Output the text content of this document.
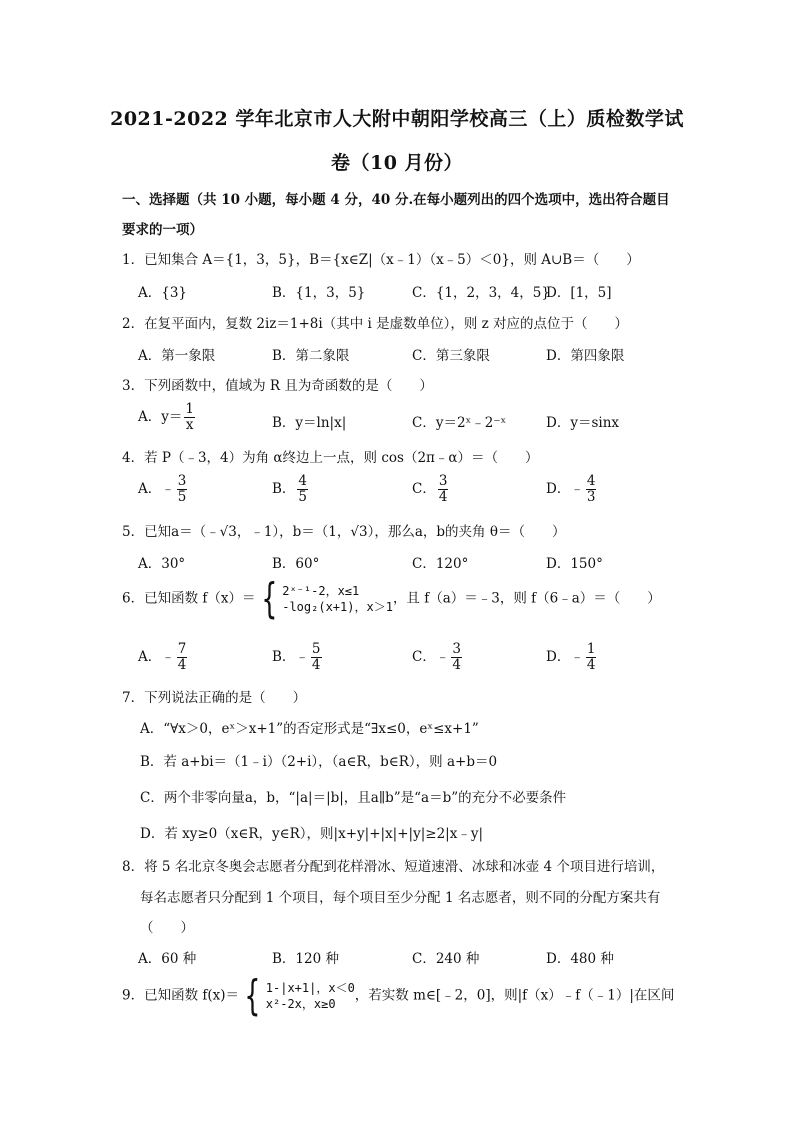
2021-2022 学年北京市人大附中朝阳学校高三（上）质检数学试
卷（10 月份）
一、选择题（共 10 小题，每小题 4 分，40 分.在每小题列出的四个选项中，选出符合题目
要求的一项）
1．已知集合 A＝{1，3，5}，B＝{x∈Z|（x﹣1）（x﹣5）＜0}，则 A∪B＝（　　）
A．{3}	B．{1，3，5}	C．{1，2，3，4，5}
D．[1，5]
2．在复平面内，复数 2iz＝1+8i（其中 i 是虚数单位），则 z 对应的点位于（　　）
A．第一象限	B．第二象限	C．第三象限	D．第四象限
3．下列函数中，值域为 R 且为奇函数的是（　　）
A．$y= \frac{1}{x}$	B．y＝ln|x|	C．y＝2ˣ﹣2⁻ˣ	D．y＝sinx
4．若 P（﹣3，4）为角 α终边上一点，则 cos（2π﹣α）＝（　　）
A．﹣ $\frac{3}{5}$	B． $\frac{4}{5}$	C． $\frac{3}{4}$	D．﹣ $\frac{4}{3}$
5．已知a＝（﹣√3，﹣1），b＝（1，√3），那么a，b的夹角 θ＝（　　）
A．30°	B．60°	C．120°	D．150°
6．已知函数 f（x）＝ { 2ˣ⁻¹-2，x≤1
-log₂(x+1)，x＞1
，且 f（a）＝﹣3，则 f（6﹣a）＝（　　）
A．﹣ $\frac{7}{4}$	B．﹣ $\frac{5}{4}$	C．﹣ $\frac{3}{4}$	D．﹣ $\frac{1}{4}$
7．下列说法正确的是（　　）
A．“∀x＞0，eˣ＞x+1”的否定形式是“∃x≤0，eˣ≤x+1”
B．若 a+bi＝（1﹣i）（2+i），（a∈R，b∈R），则 a+b＝0
C．两个非零向量a，b，“|a|＝|b|，且a∥b”是“a＝b”的充分不必要条件
D．若 xy≥0（x∈R，y∈R），则|x+y|+|x|+|y|≥2|x﹣y|
8．将 5 名北京冬奥会志愿者分配到花样滑冰、短道速滑、冰球和冰壶 4 个项目进行培训，
每名志愿者只分配到 1 个项目，每个项目至少分配 1 名志愿者，则不同的分配方案共有
（　　）
A．60 种	B．120 种	C．240 种	D．480 种
9．已知函数 f(x)＝ { 1-|x+1|，x＜0
x²-2x，x≥0
，若实数 m∈[﹣2，0]，则|f（x）﹣f（﹣1）|在区间
